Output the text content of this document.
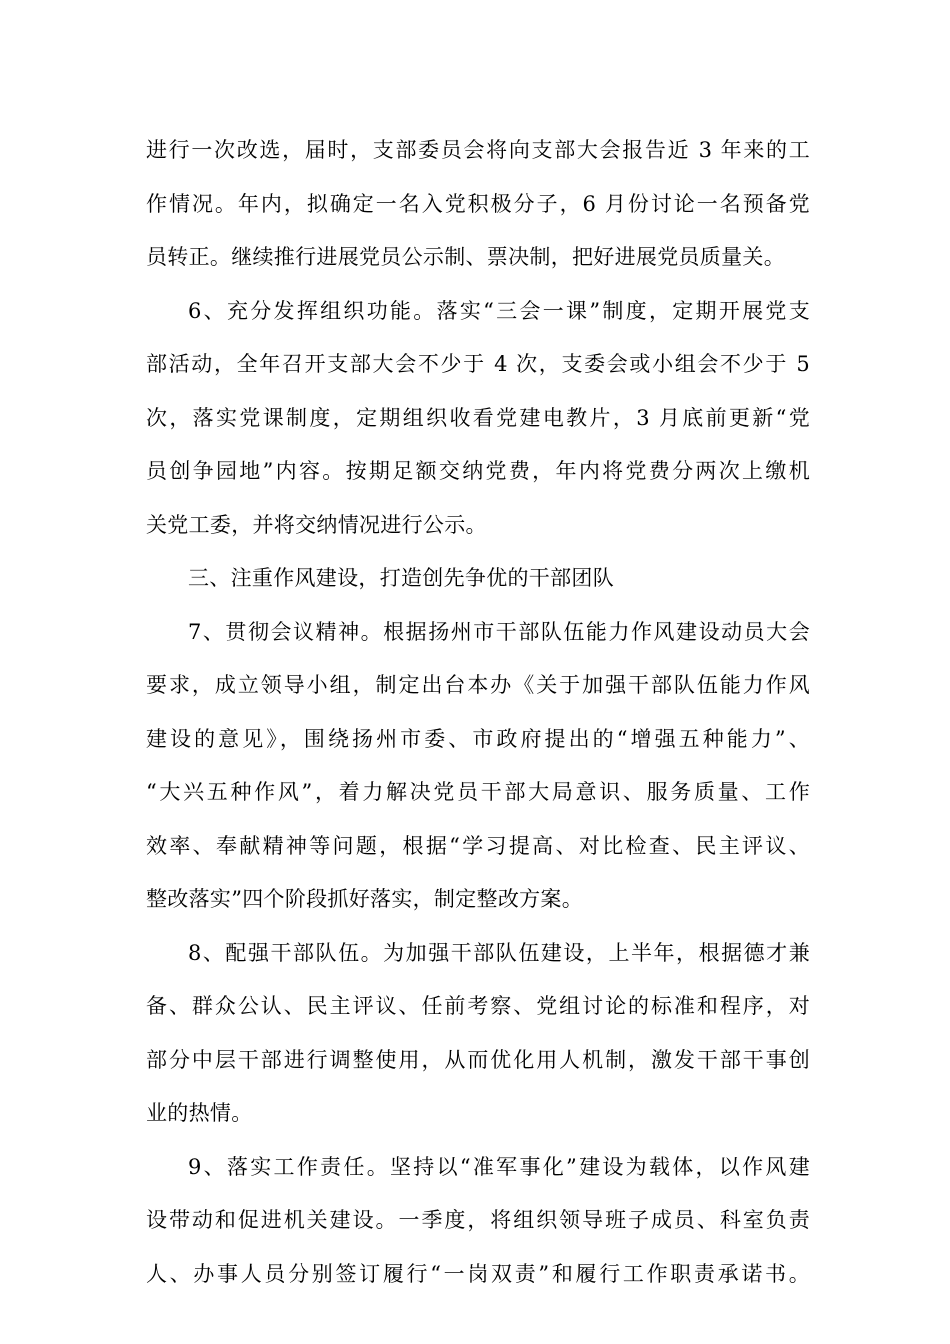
进行一次改选，届时，支部委员会将向支部大会报告近 3 年来的工
作情况。年内，拟确定一名入党积极分子，6 月份讨论一名预备党
员转正。继续推行进展党员公示制、票决制，把好进展党员质量关。
6、充分发挥组织功能。落实“三会一课”制度，定期开展党支
部活动，全年召开支部大会不少于 4 次，支委会或小组会不少于 5
次，落实党课制度，定期组织收看党建电教片，3 月底前更新“党
员创争园地”内容。按期足额交纳党费，年内将党费分两次上缴机
关党工委，并将交纳情况进行公示。
三、注重作风建设，打造创先争优的干部团队
7、贯彻会议精神。根据扬州市干部队伍能力作风建设动员大会
要求，成立领导小组，制定出台本办《关于加强干部队伍能力作风
建设的意见》，围绕扬州市委、市政府提出的“增强五种能力”、
“大兴五种作风”，着力解决党员干部大局意识、服务质量、工作
效率、奉献精神等问题，根据“学习提高、对比检查、民主评议、
整改落实”四个阶段抓好落实，制定整改方案。
8、配强干部队伍。为加强干部队伍建设，上半年，根据德才兼
备、群众公认、民主评议、任前考察、党组讨论的标准和程序，对
部分中层干部进行调整使用，从而优化用人机制，激发干部干事创
业的热情。
9、落实工作责任。坚持以“准军事化”建设为载体，以作风建
设带动和促进机关建设。一季度，将组织领导班子成员、科室负责
人、办事人员分别签订履行“一岗双责”和履行工作职责承诺书。
